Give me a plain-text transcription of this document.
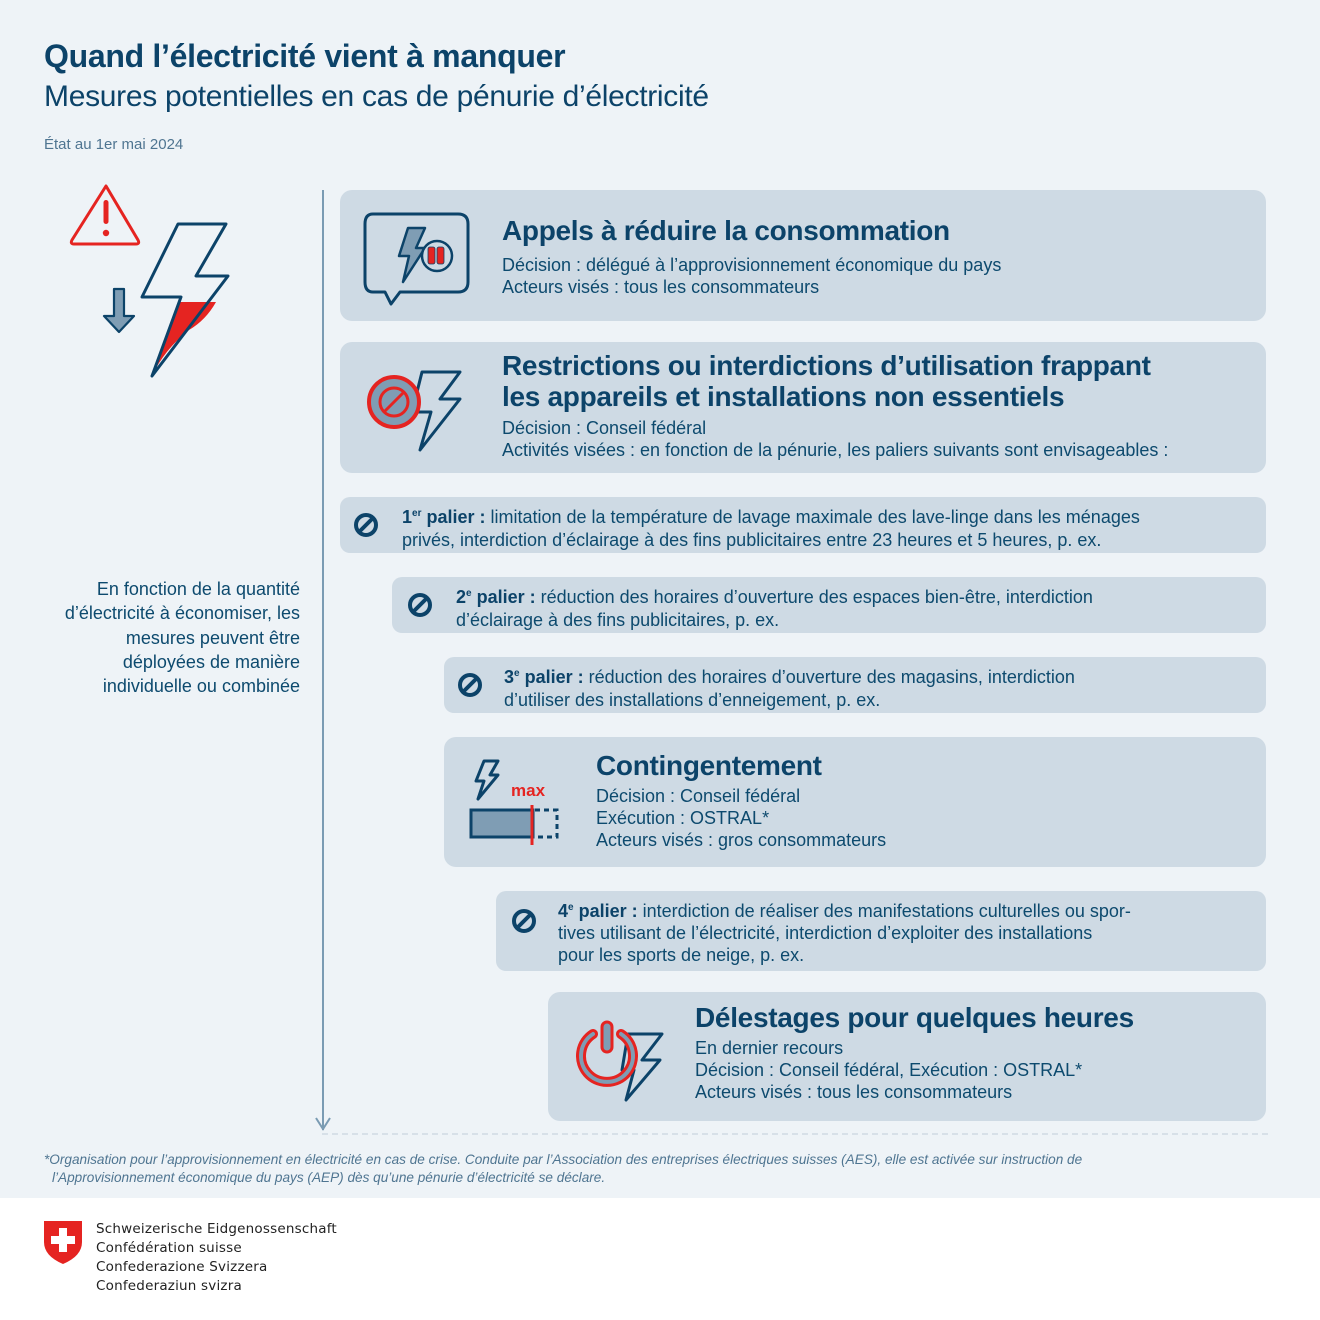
Quand l’électricité vient à manquer
Mesures potentielles en cas de pénurie d’électricité
État au 1er mai 2024
En fonction de la quantité d’électricité à économiser, les mesures peuvent être déployées de manière individuelle ou combinée
Appels à réduire la consommation
Décision : délégué à l’approvisionnement économique du pays
Acteurs visés : tous les consommateurs
Restrictions ou interdictions d’utilisation frappant
les appareils et installations non essentiels
Décision : Conseil fédéral
Activités visées : en fonction de la pénurie, les paliers suivants sont envisageables :
1er palier : limitation de la température de lavage maximale des lave-linge dans les ménages
privés, interdiction d’éclairage à des fins publicitaires entre 23 heures et 5 heures, p. ex.
2e palier : réduction des horaires d’ouverture des espaces bien-être, interdiction
d’éclairage à des fins publicitaires, p. ex.
3e palier : réduction des horaires d’ouverture des magasins, interdiction
d’utiliser des installations d’enneigement, p. ex.
max
Contingentement
Décision : Conseil fédéral
Exécution : OSTRAL*
Acteurs visés : gros consommateurs
4e palier : interdiction de réaliser des manifestations culturelles ou spor-
tives utilisant de l’électricité, interdiction d’exploiter des installations
pour les sports de neige, p. ex.
Délestages pour quelques heures
En dernier recours
Décision : Conseil fédéral, Exécution : OSTRAL*
Acteurs visés : tous les consommateurs
*Organisation pour l’approvisionnement en électricité en cas de crise. Conduite par l’Association des entreprises électriques suisses (AES), elle est activée sur instruction de
l’Approvisionnement économique du pays (AEP) dès qu’une pénurie d’électricité se déclare.
Schweizerische Eidgenossenschaft
Confédération suisse
Confederazione Svizzera
Confederaziun svizra
